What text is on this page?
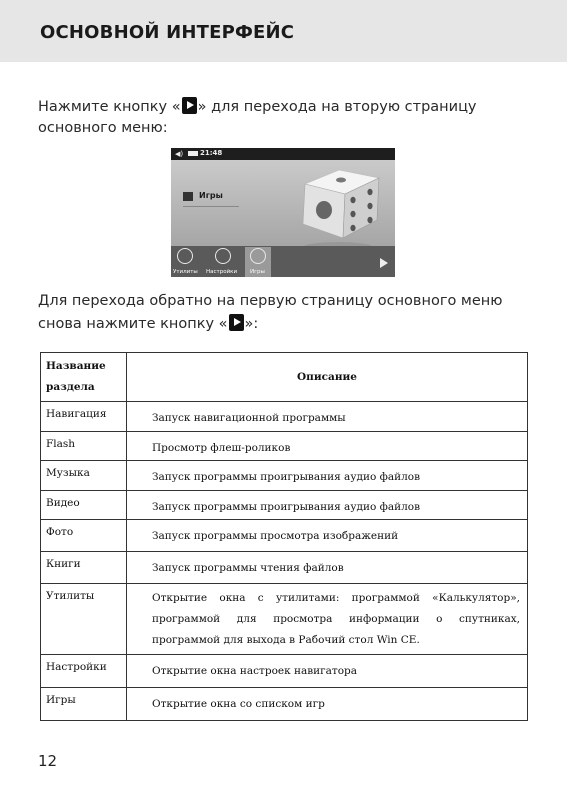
ОСНОВНОЙ ИНТЕРФЕЙС
Нажмите кнопку « » для перехода на вторую страницу
основного меню:
◀) 21:48
Игры
Утилиты Настройки Игры
Для перехода обратно на первую страницу основного меню
снова нажмите кнопку « »:
Название раздела	Описание
Навигация	Запуск навигационной программы
Flash	Просмотр флеш-роликов
Музыка	Запуск программы проигрывания аудио файлов
Видео	Запуск программы проигрывания аудио файлов
Фото	Запуск программы просмотра изображений
Книги	Запуск программы чтения файлов
Утилиты	Открытие окна с утилитами: программой «Калькулятор», программой для просмотра информации о спутниках, программой для выхода в Рабочий стол Win CE.
Настройки	Открытие окна настроек навигатора
Игры	Открытие окна со списком игр
12
